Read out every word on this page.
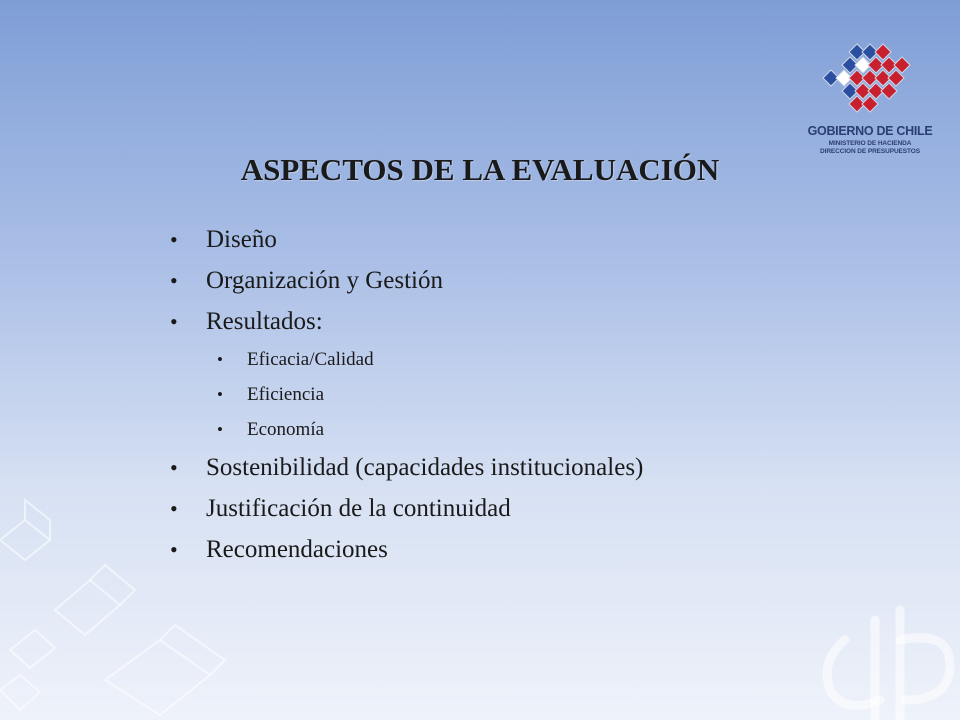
GOBIERNO DE CHILE
MINISTERIO DE HACIENDA
DIRECCION DE PRESUPUESTOS
ASPECTOS DE LA EVALUACIÓN
• Diseño
• Organización y Gestión
• Resultados:
• Eficacia/Calidad
• Eficiencia
• Economía
• Sostenibilidad (capacidades institucionales)
• Justificación de la continuidad
• Recomendaciones
